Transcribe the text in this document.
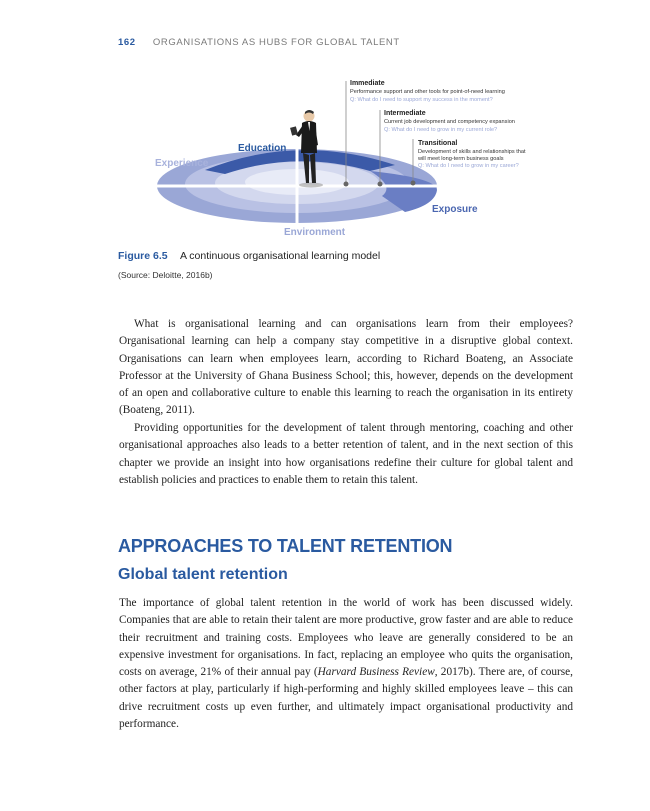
162 ORGANISATIONS AS HUBS FOR GLOBAL TALENT
Education
Experience
Exposure
Environment
Immediate
Performance support and other tools for point-of-need learning
Q: What do I need to support my success in the moment?
Intermediate
Current job development and competency expansion
Q: What do I need to grow in my current role?
Transitional
Development of skills and relationships that
will meet long-term business goals
Q: What do I need to grow in my career?
Figure 6.5 A continuous organisational learning model
(Source: Deloitte, 2016b)

What is organisational learning and can organisations learn from their employees? Organisational learning can help a company stay competitive in a disruptive global context. Organisations can learn when employees learn, according to Richard Boateng, an Associate Professor at the University of Ghana Business School; this, however, depends on the development of an open and collaborative culture to enable this learning to reach the organisation in its entirety (Boateng, 2011).

Providing opportunities for the development of talent through mentoring, coaching and other organisational approaches also leads to a better retention of talent, and in the next section of this chapter we provide an insight into how organisations redefine their culture for global talent and establish policies and practices to enable them to retain this talent.

APPROACHES TO TALENT RETENTION
Global talent retention

The importance of global talent retention in the world of work has been discussed widely. Companies that are able to retain their talent are more productive, grow faster and are able to reduce their recruitment and training costs. Employees who leave are generally considered to be an expensive investment for organisations. In fact, replacing an employee who quits the organisation, costs on average, 21% of their annual pay (Harvard Business Review, 2017b). There are, of course, other factors at play, particularly if high-performing and highly skilled employees leave – this can drive recruitment costs up even further, and ultimately impact organisational productivity and performance.
